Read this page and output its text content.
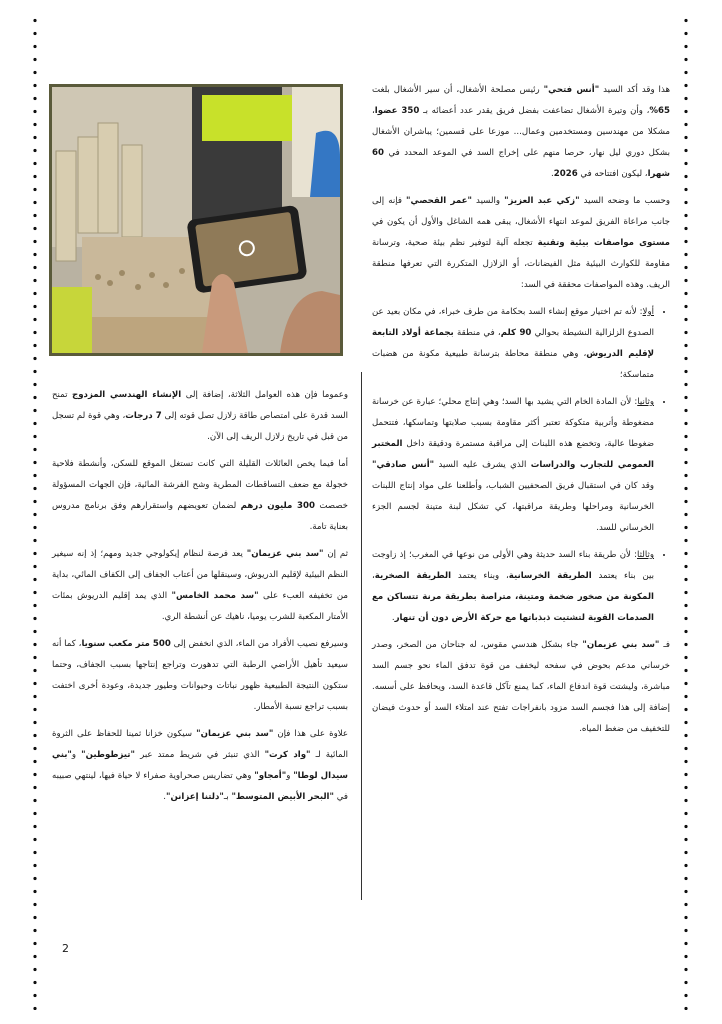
هذا وقد أكد السيد "أنس فتحي" رئيس مصلحة الأشغال، أن سير الأشغال بلغت 65%، وأن وتيرة الأشغال تضاعفت بفضل فريق يقدر عدد أعضائه بـ 350 عضوا، مشكلا من مهندسين ومستخدمين وعمال... موزعا على قسمين؛ يباشران الأشغال بشكل دوري ليل نهار، حرصا منهم على إخراج السد في الموعد المحدد في 60 شهرا، ليكون افتتاحه في 2026.

وحسب ما وضحه السيد "زكي عبد العزيز" والسيد "عمر القحصي" فإنه إلى جانب مراعاة الفريق لموعد انتهاء الأشغال، يبقى همه الشاغل والأول أن يكون في مستوى مواصفات بيئية وتقنية تجعله آلية لتوفير نظم بيئة صحية، وترسانة مقاومة للكوارث البيئية مثل الفيضانات، أو الزلازل المتكررة التي تعرفها منطقة الريف. وهذه المواصفات محققة في السد:

• أولا: لأنه تم اختيار موقع إنشاء السد بحكامة من طرف خبراء، في مكان بعيد عن الصدوع الزلزالية النشيطة بحوالي 90 كلم، في منطقة بجماعة أولاد التابعة لإقليم الدريوش، وهي منطقة محاطة بترسانة طبيعية مكونة من هضبات متماسكة؛
• وثانيا: لأن المادة الخام التي يشيد بها السد؛ وهي إنتاج محلي؛ عبارة عن خرسانة مضغوطة وأتربية متكوكة تعتبر أكثر مقاومة بسبب صلابتها وتماسكها، فتتحمل ضغوطا عالية، وتخضع هذه اللبنات إلى مراقبة مستمرة ودقيقة داخل المختبر العمومي للتجارب والدراسات الذي يشرف عليه السيد "أنس صادقي" وقد كان في استقبال فريق الصحفيين الشباب، وأطلعنا على مواد إنتاج اللبنات الخرسانية ومراحلها وطريقة مراقبتها، كي تشكل لبنة متينة لجسم الجزء الخرساني للسد.
• وثالثا: لأن طريقة بناء السد حديثة وهي الأولى من نوعها في المغرب؛ إذ زاوجت بين بناء يعتمد الطريقة الخرسانية، وبناء يعتمد الطريقة الصخرية، المكونة من صخور ضخمة ومتينة، متراصة بطريقة مرنة تتساكن مع الصدمات القوية لتشتيت ذبذباتها مع حركة الأرض دون أن تنهار.

فـ "سد بني عزيمان" جاء بشكل هندسي مقوس، له جناحان من الصخر، وصدر خرساني مدعم بحوض في سفحه ليخفف من قوة تدفق الماء نحو جسم السد مباشرة، وليشتت قوة اندفاع الماء، كما يمنع تآكل قاعدة السد، ويحافظ على أسسه. إضافة إلى هذا فجسم السد مزود بانفراجات تفتح عند امتلاء السد أو حدوث فيضان للتخفيف من ضغط المياه.

وعموما فإن هذه العوامل الثلاثة، إضافة إلى الإنشاء الهندسي المزدوج تمنح السد قدرة على امتصاص طاقة زلازل تصل قوته إلى 7 درجات، وهي قوة لم تسجل من قبل في تاريخ زلازل الريف إلى الآن.

أما فيما يخص العائلات القليلة التي كانت تستغل الموقع للسكن، وأنشطة فلاحية خجولة مع ضعف التساقطات المطرية وشح الفرشة المائية، فإن الجهات المسؤولة خصصت 300 مليون درهم لضمان تعويضهم واستقرارهم وفق برنامج مدروس بعناية تامة.

ثم إن "سد بني عزيمان" يعد فرصة لنظام إيكولوجي جديد ومهم؛ إذ إنه سيغير النظم البيئية لإقليم الدريوش، وسينقلها من أعتاب الجفاف إلى الكفاف المائي، بداية من تخفيفه العبء على "سد محمد الخامس" الذي يمد إقليم الدريوش بمئات الأمتار المكعبة للشرب يوميا، ناهيك عن أنشطة الري.

وسيرفع نصيب الأفراد من الماء، الذي انخفض إلى 500 متر مكعب سنويا، كما أنه سيعيد تأهيل الأراضي الرطبة التي تدهورت وتراجع إنتاجها بسبب الجفاف، وحتما ستكون النتيجة الطبيعية ظهور نباتات وحيوانات وطيور جديدة، وعودة أخرى اختفت بسبب تراجع نسبة الأمطار.

علاوة على هذا فإن "سد بني عزيمان" سيكون خزانا ثمينا للحفاظ على الثروة المائية لـ "واد كرت" الذي تنبثر في شريط ممتد عبر "تيزطوطين" و"بني سيدال لوطا" و"أمجاو" وهي تضاريس صحراوية صفراء لا حياة فيها، لينتهي صبيبه في "البحر الأبيض المتوسط" بـ"دلتنا إعزانن".

2
